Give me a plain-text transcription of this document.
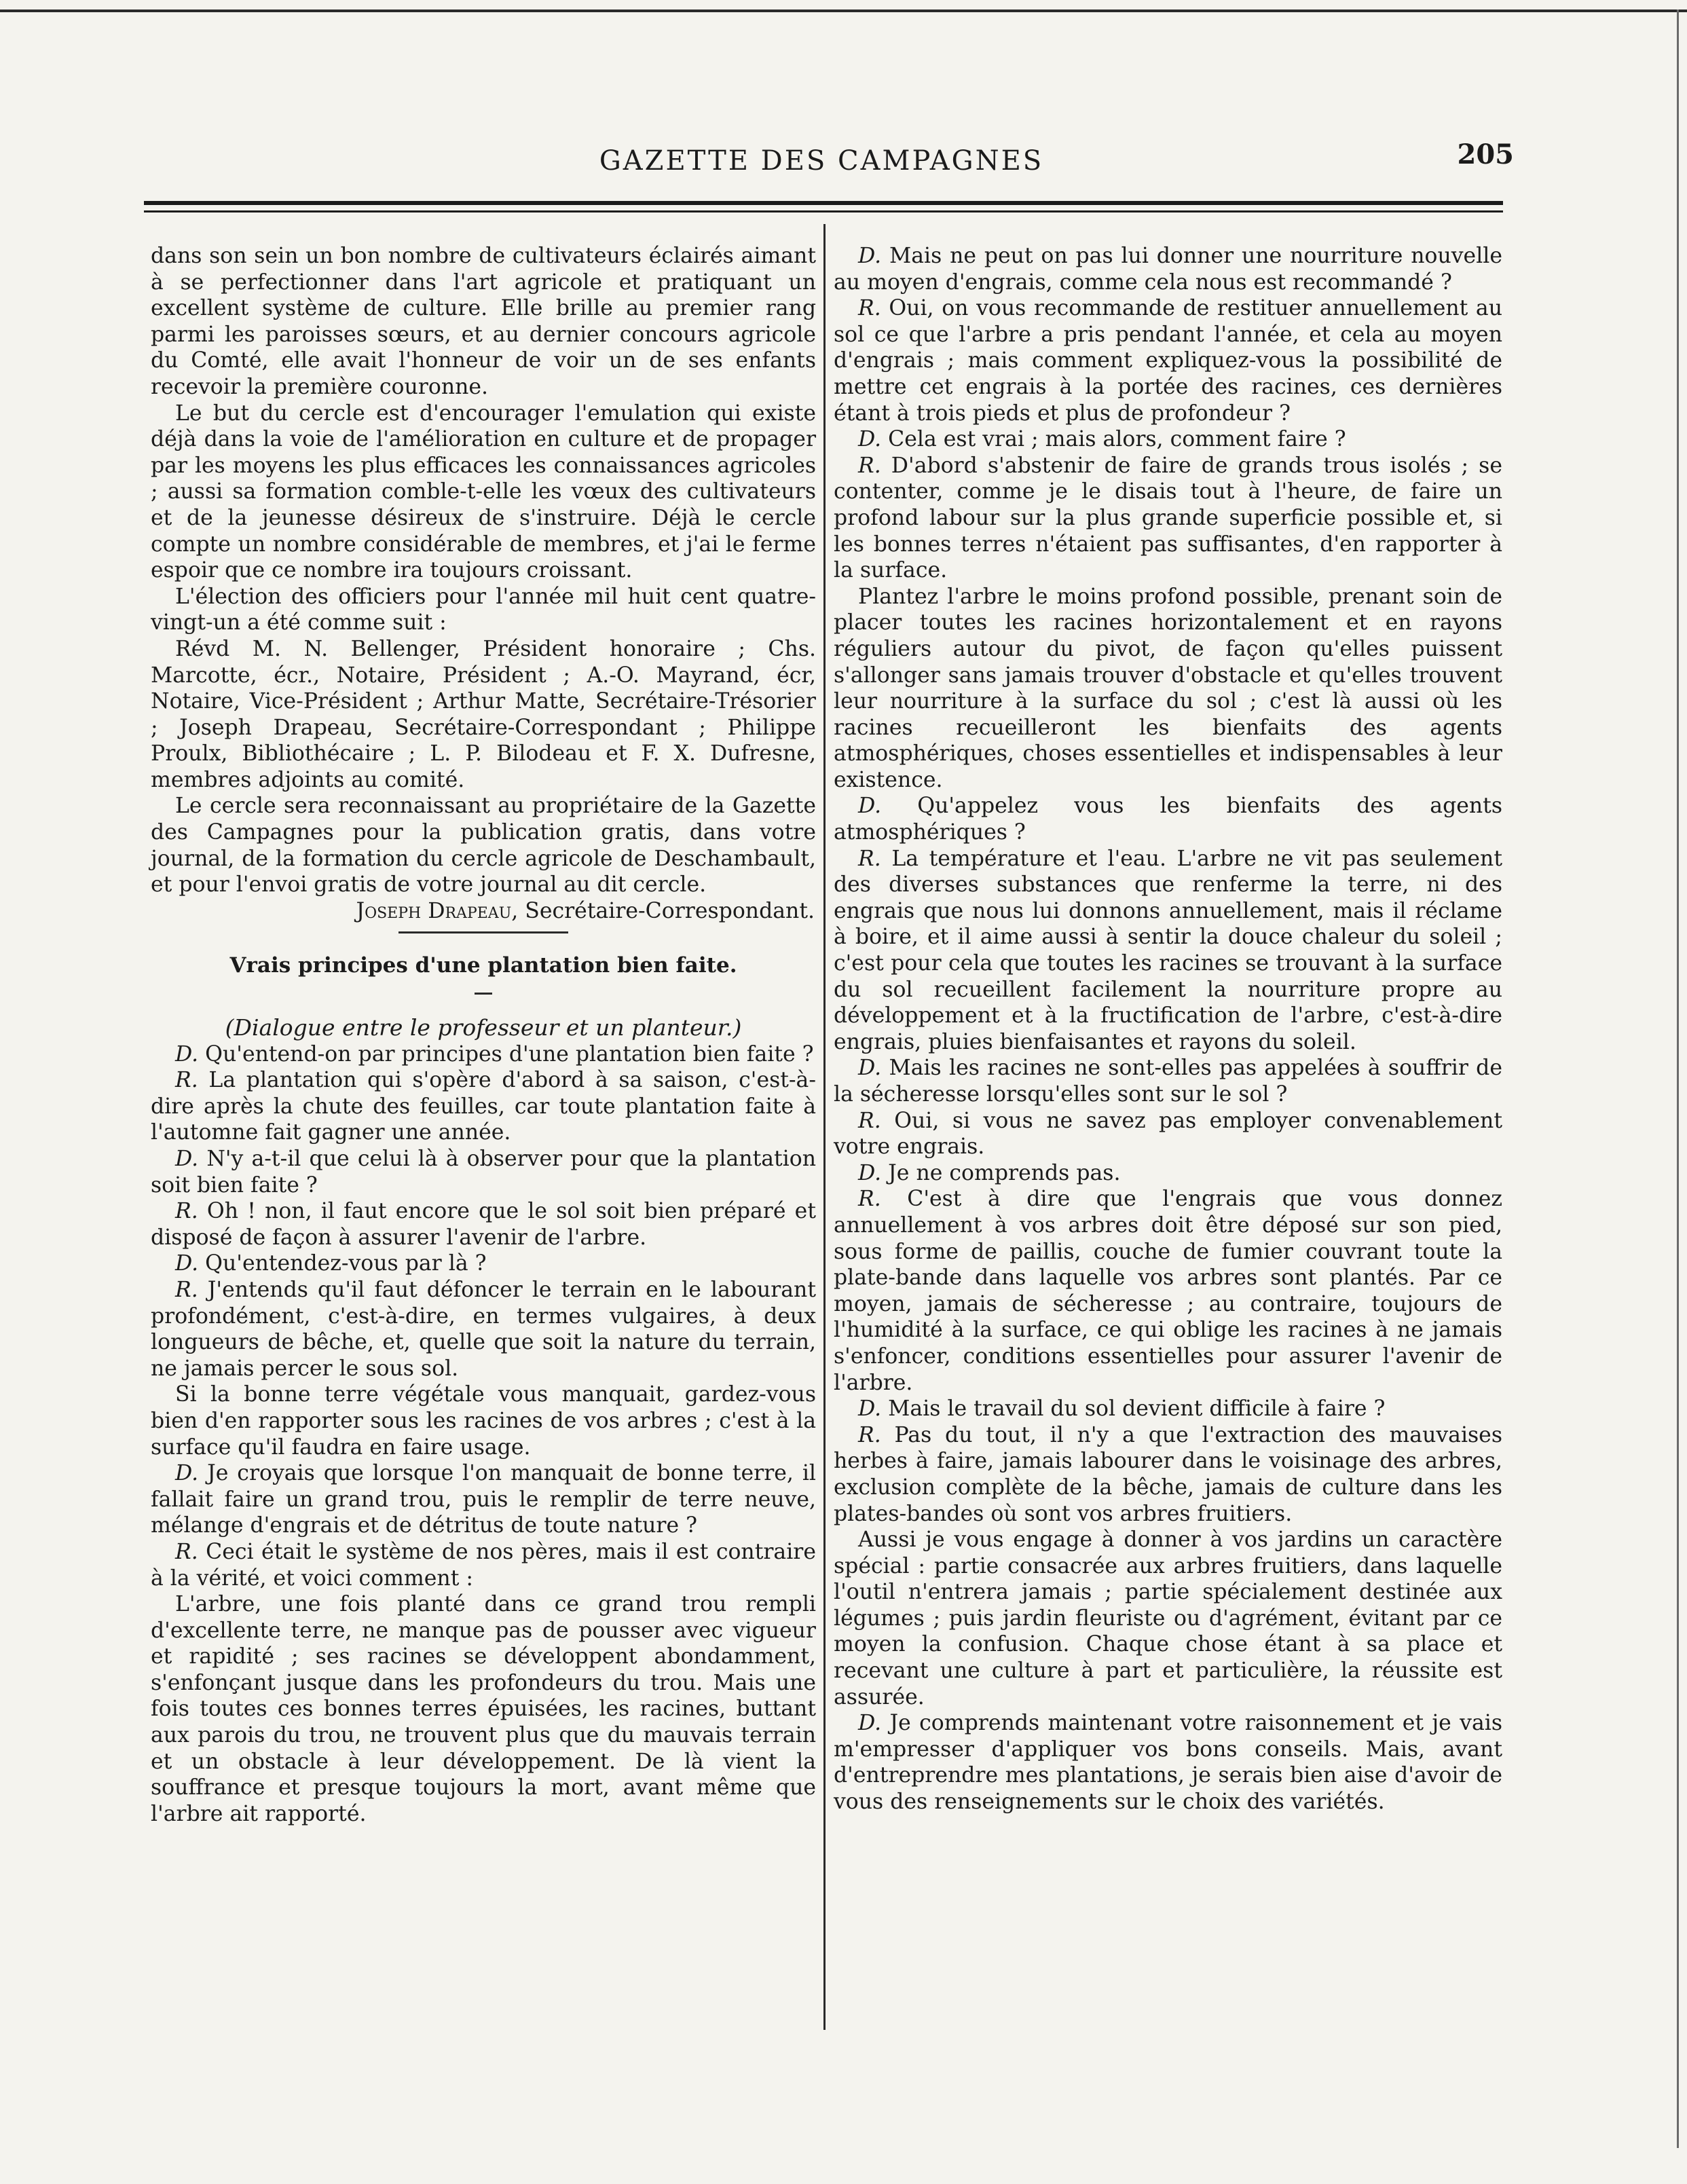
GAZETTE DES CAMPAGNES	205

dans son sein un bon nombre de cultivateurs éclairés aimant à se perfectionner dans l'art agricole et pratiquant un excellent système de culture. Elle brille au premier rang parmi les paroisses sœurs, et au dernier concours agricole du Comté, elle avait l'honneur de voir un de ses enfants recevoir la première couronne.

Le but du cercle est d'encourager l'emulation qui existe déjà dans la voie de l'amélioration en culture et de propager par les moyens les plus efficaces les connaissances agricoles ; aussi sa formation comble-t-elle les vœux des cultivateurs et de la jeunesse désireux de s'instruire. Déjà le cercle compte un nombre considérable de membres, et j'ai le ferme espoir que ce nombre ira toujours croissant.

L'élection des officiers pour l'année mil huit cent quatre-vingt-un a été comme suit :

Révd M. N. Bellenger, Président honoraire ; Chs. Marcotte, écr., Notaire, Président ; A.-O. Mayrand, écr, Notaire, Vice-Président ; Arthur Matte, Secrétaire-Trésorier ; Joseph Drapeau, Secrétaire-Correspondant ; Philippe Proulx, Bibliothécaire ; L. P. Bilodeau et F. X. Dufresne, membres adjoints au comité.

Le cercle sera reconnaissant au propriétaire de la Gazette des Campagnes pour la publication gratis, dans votre journal, de la formation du cercle agricole de Deschambault, et pour l'envoi gratis de votre journal au dit cercle.

Joseph Drapeau, Secrétaire-Correspondant.

Vrais principes d'une plantation bien faite.

(Dialogue entre le professeur et un planteur.)

D. Qu'entend-on par principes d'une plantation bien faite ?

R. La plantation qui s'opère d'abord à sa saison, c'est-à-dire après la chute des feuilles, car toute plantation faite à l'automne fait gagner une année.

D. N'y a-t-il que celui là à observer pour que la plantation soit bien faite ?

R. Oh ! non, il faut encore que le sol soit bien préparé et disposé de façon à assurer l'avenir de l'arbre.

D. Qu'entendez-vous par là ?

R. J'entends qu'il faut défoncer le terrain en le labourant profondément, c'est-à-dire, en termes vulgaires, à deux longueurs de bêche, et, quelle que soit la nature du terrain, ne jamais percer le sous sol.

Si la bonne terre végétale vous manquait, gardez-vous bien d'en rapporter sous les racines de vos arbres ; c'est à la surface qu'il faudra en faire usage.

D. Je croyais que lorsque l'on manquait de bonne terre, il fallait faire un grand trou, puis le remplir de terre neuve, mélange d'engrais et de détritus de toute nature ?

R. Ceci était le système de nos pères, mais il est contraire à la vérité, et voici comment :

L'arbre, une fois planté dans ce grand trou rempli d'excellente terre, ne manque pas de pousser avec vigueur et rapidité ; ses racines se développent abondamment, s'enfonçant jusque dans les profondeurs du trou. Mais une fois toutes ces bonnes terres épuisées, les racines, buttant aux parois du trou, ne trouvent plus que du mauvais terrain et un obstacle à leur développement. De là vient la souffrance et presque toujours la mort, avant même que l'arbre ait rapporté.

D. Mais ne peut on pas lui donner une nourriture nouvelle au moyen d'engrais, comme cela nous est recommandé ?

R. Oui, on vous recommande de restituer annuellement au sol ce que l'arbre a pris pendant l'année, et cela au moyen d'engrais ; mais comment expliquez-vous la possibilité de mettre cet engrais à la portée des racines, ces dernières étant à trois pieds et plus de profondeur ?

D. Cela est vrai ; mais alors, comment faire ?

R. D'abord s'abstenir de faire de grands trous isolés ; se contenter, comme je le disais tout à l'heure, de faire un profond labour sur la plus grande superficie possible et, si les bonnes terres n'étaient pas suffisantes, d'en rapporter à la surface.

Plantez l'arbre le moins profond possible, prenant soin de placer toutes les racines horizontalement et en rayons réguliers autour du pivot, de façon qu'elles puissent s'allonger sans jamais trouver d'obstacle et qu'elles trouvent leur nourriture à la surface du sol ; c'est là aussi où les racines recueilleront les bienfaits des agents atmosphériques, choses essentielles et indispensables à leur existence.

D. Qu'appelez vous les bienfaits des agents atmosphériques ?

R. La température et l'eau. L'arbre ne vit pas seulement des diverses substances que renferme la terre, ni des engrais que nous lui donnons annuellement, mais il réclame à boire, et il aime aussi à sentir la douce chaleur du soleil ; c'est pour cela que toutes les racines se trouvant à la surface du sol recueillent facilement la nourriture propre au développement et à la fructification de l'arbre, c'est-à-dire engrais, pluies bienfaisantes et rayons du soleil.

D. Mais les racines ne sont-elles pas appelées à souffrir de la sécheresse lorsqu'elles sont sur le sol ?

R. Oui, si vous ne savez pas employer convenablement votre engrais.

D. Je ne comprends pas.

R. C'est à dire que l'engrais que vous donnez annuellement à vos arbres doit être déposé sur son pied, sous forme de paillis, couche de fumier couvrant toute la plate-bande dans laquelle vos arbres sont plantés. Par ce moyen, jamais de sécheresse ; au contraire, toujours de l'humidité à la surface, ce qui oblige les racines à ne jamais s'enfoncer, conditions essentielles pour assurer l'avenir de l'arbre.

D. Mais le travail du sol devient difficile à faire ?

R. Pas du tout, il n'y a que l'extraction des mauvaises herbes à faire, jamais labourer dans le voisinage des arbres, exclusion complète de la bêche, jamais de culture dans les plates-bandes où sont vos arbres fruitiers.

Aussi je vous engage à donner à vos jardins un caractère spécial : partie consacrée aux arbres fruitiers, dans laquelle l'outil n'entrera jamais ; partie spécialement destinée aux légumes ; puis jardin fleuriste ou d'agrément, évitant par ce moyen la confusion. Chaque chose étant à sa place et recevant une culture à part et particulière, la réussite est assurée.

D. Je comprends maintenant votre raisonnement et je vais m'empresser d'appliquer vos bons conseils. Mais, avant d'entreprendre mes plantations, je serais bien aise d'avoir de vous des renseignements sur le choix des variétés.
